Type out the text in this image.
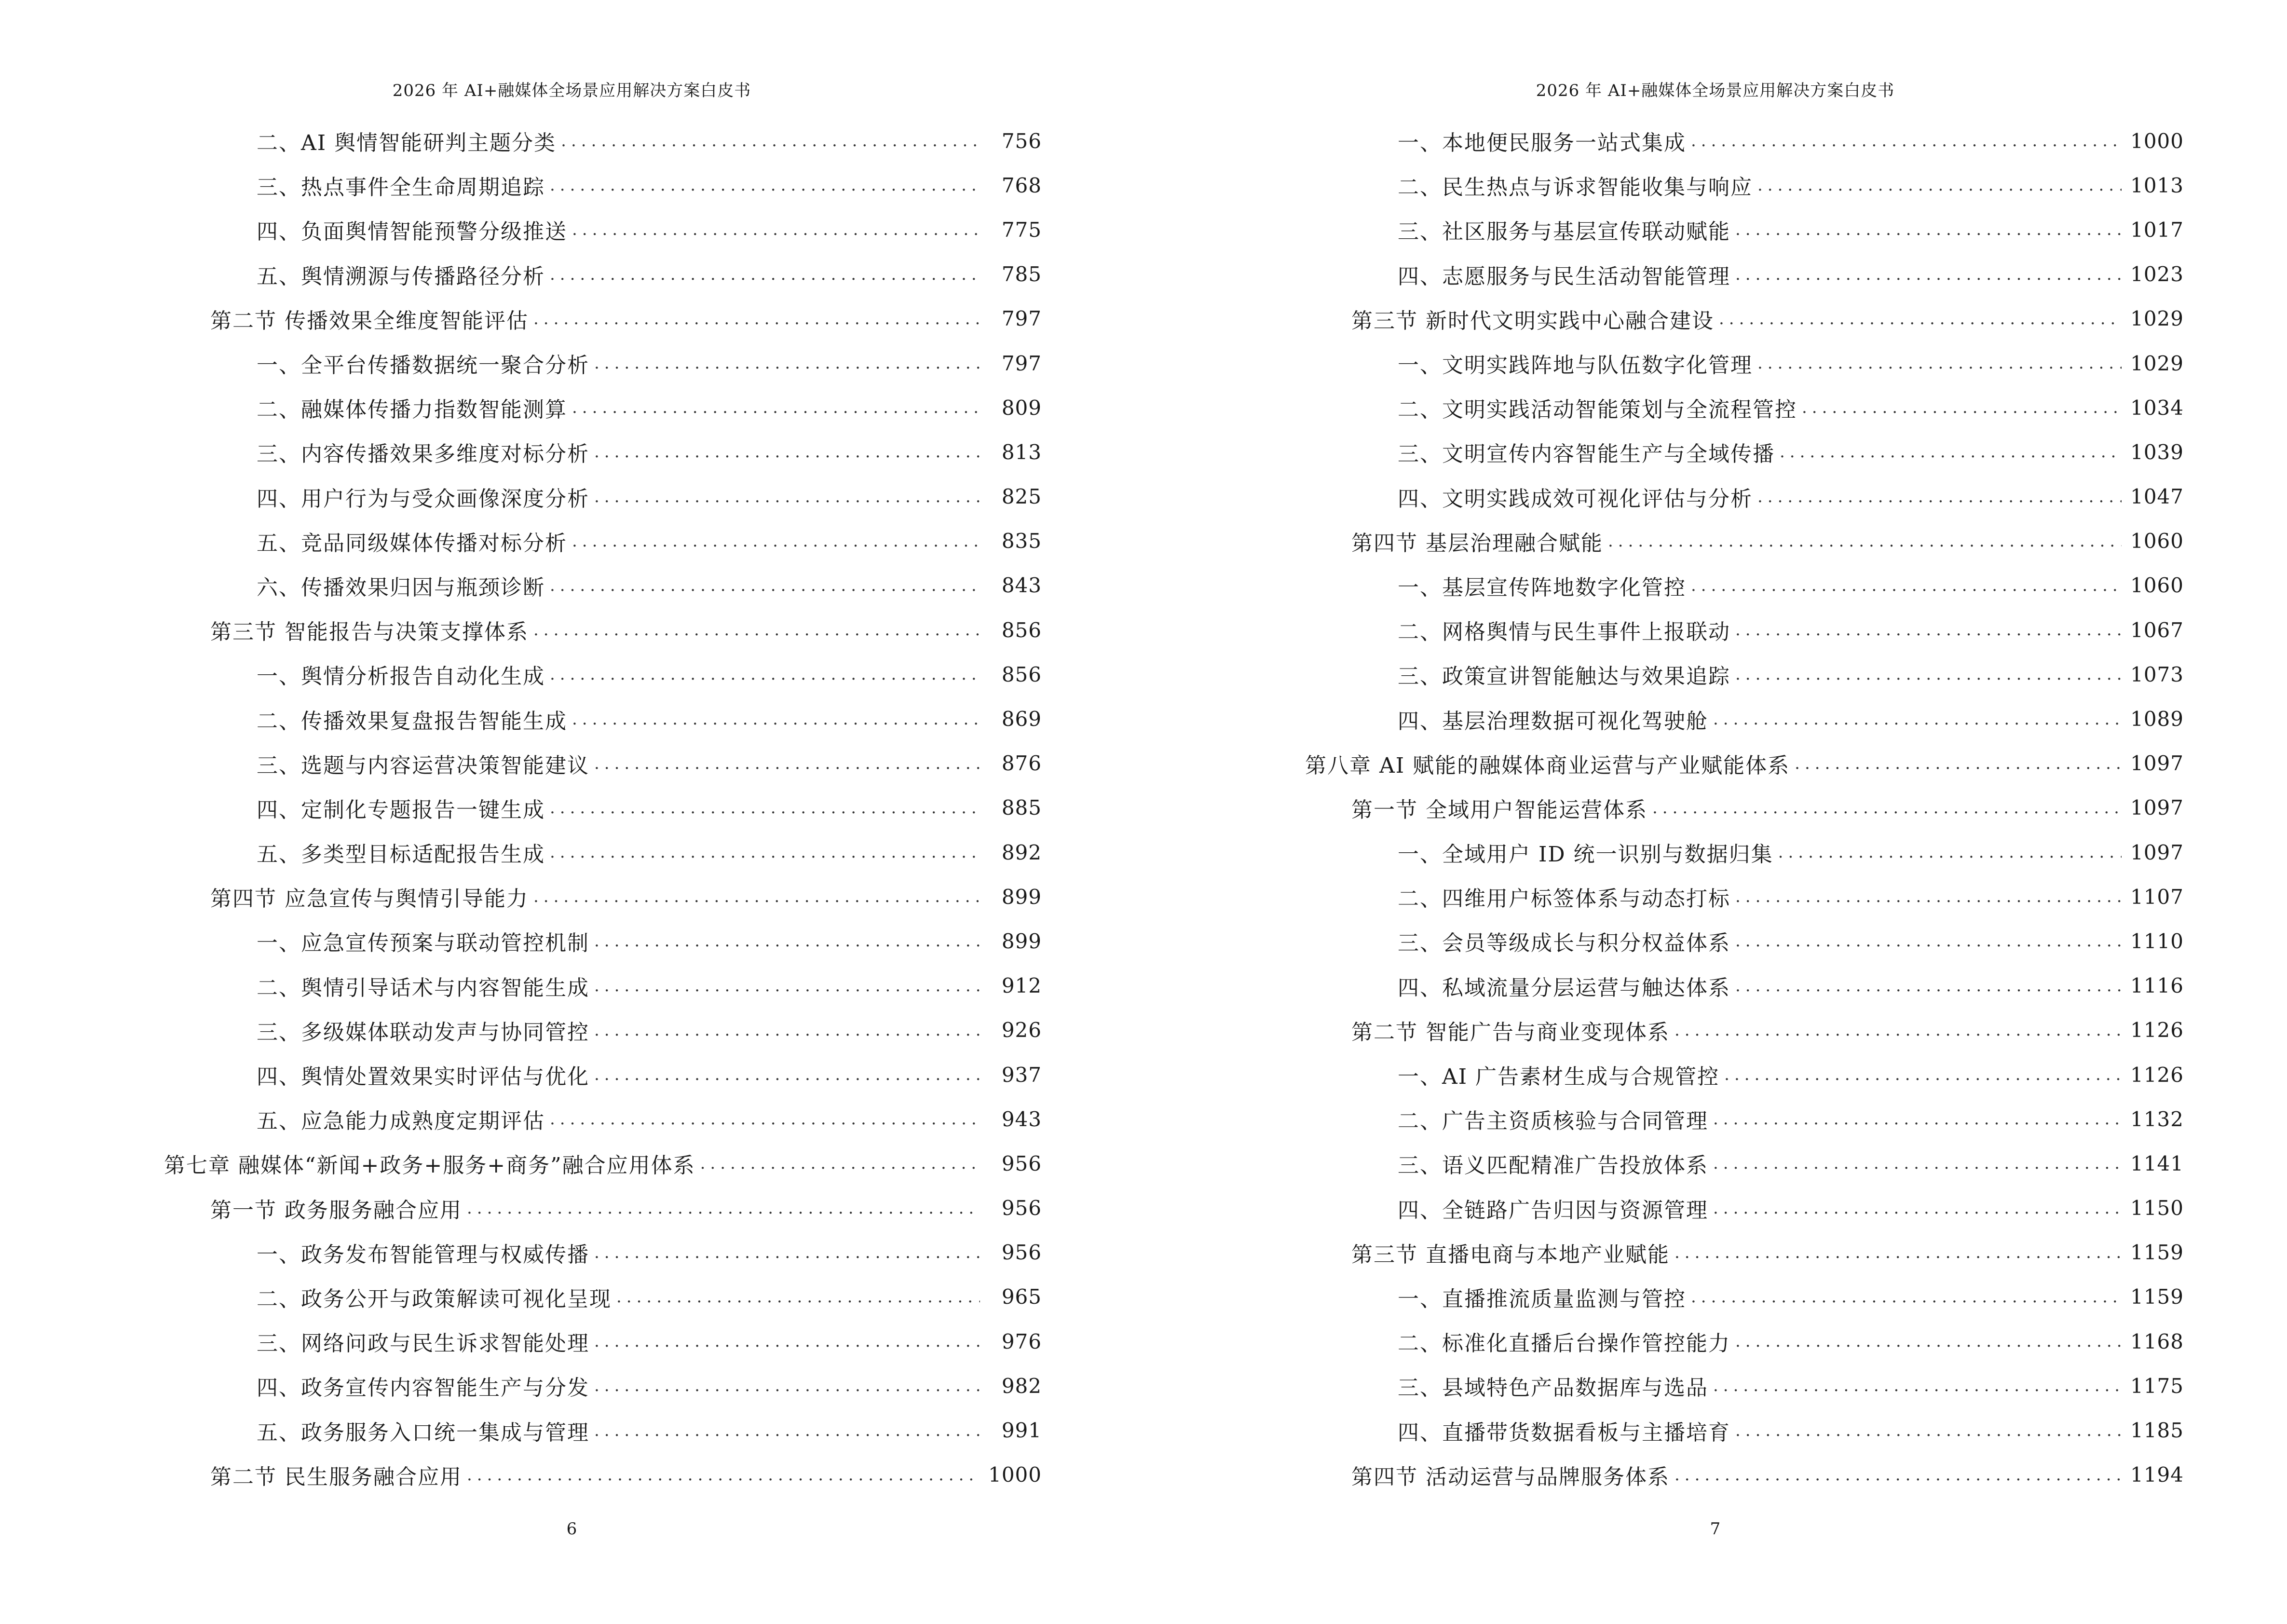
2026 年 AI+融媒体全场景应用解决方案白皮书
二、AI 舆情智能研判主题分类 .....	756
三、热点事件全生命周期追踪 .....	768
四、负面舆情智能预警分级推送 .....	775
五、舆情溯源与传播路径分析 .....	785
第二节 传播效果全维度智能评估 .....	797
一、全平台传播数据统一聚合分析 .....	797
二、融媒体传播力指数智能测算 .....	809
三、内容传播效果多维度对标分析 .....	813
四、用户行为与受众画像深度分析 .....	825
五、竞品同级媒体传播对标分析 .....	835
六、传播效果归因与瓶颈诊断 .....	843
第三节 智能报告与决策支撑体系 .....	856
一、舆情分析报告自动化生成 .....	856
二、传播效果复盘报告智能生成 .....	869
三、选题与内容运营决策智能建议 .....	876
四、定制化专题报告一键生成 .....	885
五、多类型目标适配报告生成 .....	892
第四节 应急宣传与舆情引导能力 .....	899
一、应急宣传预案与联动管控机制 .....	899
二、舆情引导话术与内容智能生成 .....	912
三、多级媒体联动发声与协同管控 .....	926
四、舆情处置效果实时评估与优化 .....	937
五、应急能力成熟度定期评估 .....	943
第七章 融媒体“新闻+政务+服务+商务”融合应用体系 .....	956
第一节 政务服务融合应用 .....	956
一、政务发布智能管理与权威传播 .....	956
二、政务公开与政策解读可视化呈现 .....	965
三、网络问政与民生诉求智能处理 .....	976
四、政务宣传内容智能生产与分发 .....	982
五、政务服务入口统一集成与管理 .....	991
第二节 民生服务融合应用 .....	1000
6
2026 年 AI+融媒体全场景应用解决方案白皮书
一、本地便民服务一站式集成 .....	1000
二、民生热点与诉求智能收集与响应 .....	1013
三、社区服务与基层宣传联动赋能 .....	1017
四、志愿服务与民生活动智能管理 .....	1023
第三节 新时代文明实践中心融合建设 .....	1029
一、文明实践阵地与队伍数字化管理 .....	1029
二、文明实践活动智能策划与全流程管控 .....	1034
三、文明宣传内容智能生产与全域传播 .....	1039
四、文明实践成效可视化评估与分析 .....	1047
第四节 基层治理融合赋能 .....	1060
一、基层宣传阵地数字化管控 .....	1060
二、网格舆情与民生事件上报联动 .....	1067
三、政策宣讲智能触达与效果追踪 .....	1073
四、基层治理数据可视化驾驶舱 .....	1089
第八章 AI 赋能的融媒体商业运营与产业赋能体系 .....	1097
第一节 全域用户智能运营体系 .....	1097
一、全域用户 ID 统一识别与数据归集 .....	1097
二、四维用户标签体系与动态打标 .....	1107
三、会员等级成长与积分权益体系 .....	1110
四、私域流量分层运营与触达体系 .....	1116
第二节 智能广告与商业变现体系 .....	1126
一、AI 广告素材生成与合规管控 .....	1126
二、广告主资质核验与合同管理 .....	1132
三、语义匹配精准广告投放体系 .....	1141
四、全链路广告归因与资源管理 .....	1150
第三节 直播电商与本地产业赋能 .....	1159
一、直播推流质量监测与管控 .....	1159
二、标准化直播后台操作管控能力 .....	1168
三、县域特色产品数据库与选品 .....	1175
四、直播带货数据看板与主播培育 .....	1185
第四节 活动运营与品牌服务体系 .....	1194
7
